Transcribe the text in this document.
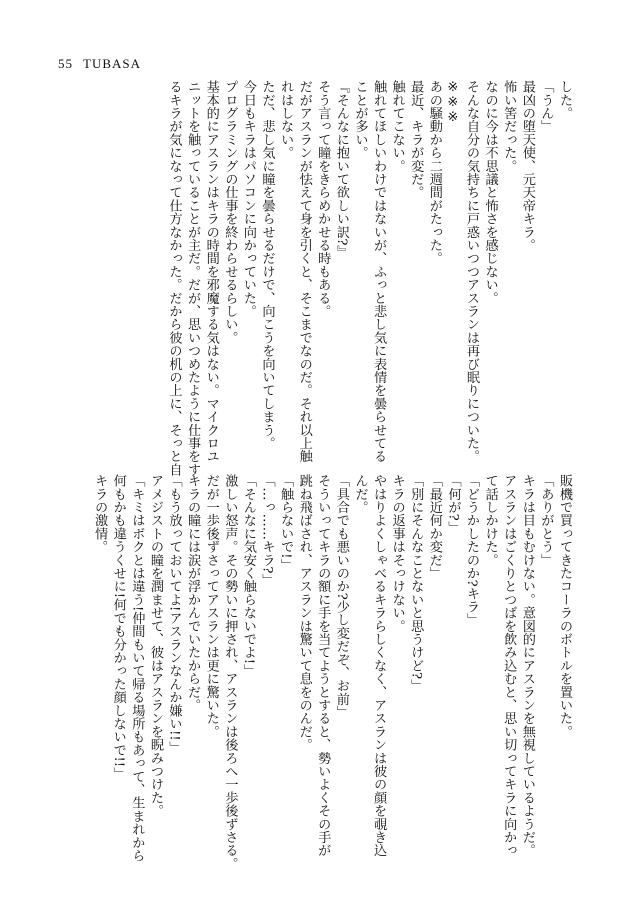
55 TUBASA
した。
「うん」
最凶の堕天使、元天帝キラ。
怖い筈だった。
なのに今は不思議と怖さを感じない。
そんな自分の気持ちに戸惑いつつアスランは再び眠りについた。
※※※
あの騒動から二週間がたった。
最近、キラが変だ。
触れてこない。
触れてほしいわけではないが、ふっと悲し気に表情を曇らせてる
ことが多い。
『そんなに抱いて欲しい訳?』
そう言って瞳をきらめかせる時もある。
だがアスランが怯えて身を引くと、そこまでなのだ。それ以上触
れはしない。
ただ、悲し気に瞳を曇らせるだけで、向こうを向いてしまう。
今日もキラはパソコンに向かっていた。
プログラミングの仕事を終わらせるらしい。
基本的にアスランはキラの時間を邪魔する気はない。マイクロユ
ニットを触っていることが主だ。だが、思いつめたように仕事をす
るキラが気になって仕方なかった。だから彼の机の上に、そっと自
販機で買ってきたコーラのボトルを置いた。
「ありがとう」
キラは目もむけない。意図的にアスランを無視しているようだ。
アスランはごくりとつばを飲み込むと、思い切ってキラに向かっ
て話しかけた。
「どうかしたのか?キラ」
「何が?」
「最近何か変だ」
「別にそんなことないと思うけど?」
キラの返事はそっけない。
やはりよくしゃべるキラらしくなく、アスランは彼の顔を覗き込
んだ。
「具合でも悪いのか?少し変だぞ、お前」
そういってキラの額に手を当てようとすると、勢いよくその手が
跳ね飛ばされ、アスランは驚いて息をのんだ。
「触らないで!」
「…っ……キラ?」
「そんなに気安く触らないでよ!」
激しい怒声。その勢いに押され、アスランは後ろへ一歩後ずさる。
だが一歩後ずさってアスランは更に驚いた。
キラの瞳には涙が浮かんでいたからだ。
「もう放っておいてよ!アスランなんか嫌い!!」
アメジストの瞳を潤ませて、彼はアスランを睨みつけた。
「キミはボクとは違う!仲間もいて帰る場所もあって、生まれから
何もかも違うくせに!何でも分かった顔しないで!!」
キラの激情。
